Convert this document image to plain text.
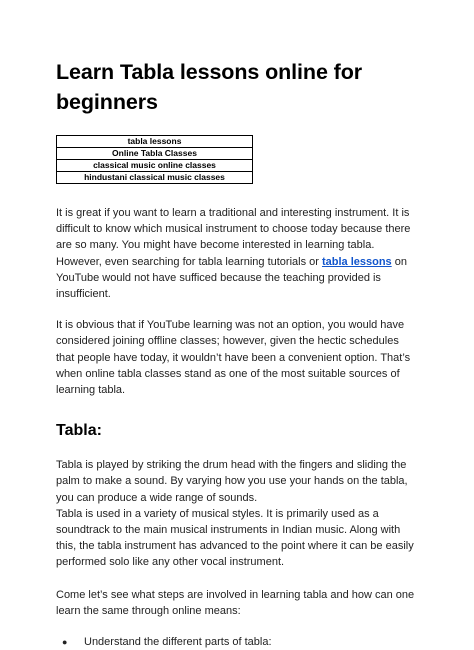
Learn Tabla lessons online for beginners
tabla lessons
Online Tabla Classes
classical music online classes
hindustani classical music classes

It is great if you want to learn a traditional and interesting instrument. It is difficult to know which musical instrument to choose today because there are so many. You might have become interested in learning tabla. However, even searching for tabla learning tutorials or tabla lessons on YouTube would not have sufficed because the teaching provided is insufficient.

It is obvious that if YouTube learning was not an option, you would have considered joining offline classes; however, given the hectic schedules that people have today, it wouldn’t have been a convenient option. That’s when online tabla classes stand as one of the most suitable sources of learning tabla.

Tabla:

Tabla is played by striking the drum head with the fingers and sliding the palm to make a sound. By varying how you use your hands on the tabla, you can produce a wide range of sounds.

Tabla is used in a variety of musical styles. It is primarily used as a soundtrack to the main musical instruments in Indian music. Along with this, the tabla instrument has advanced to the point where it can be easily performed solo like any other vocal instrument.

Come let’s see what steps are involved in learning tabla and how can one learn the same through online means:

● Understand the different parts of tabla:
